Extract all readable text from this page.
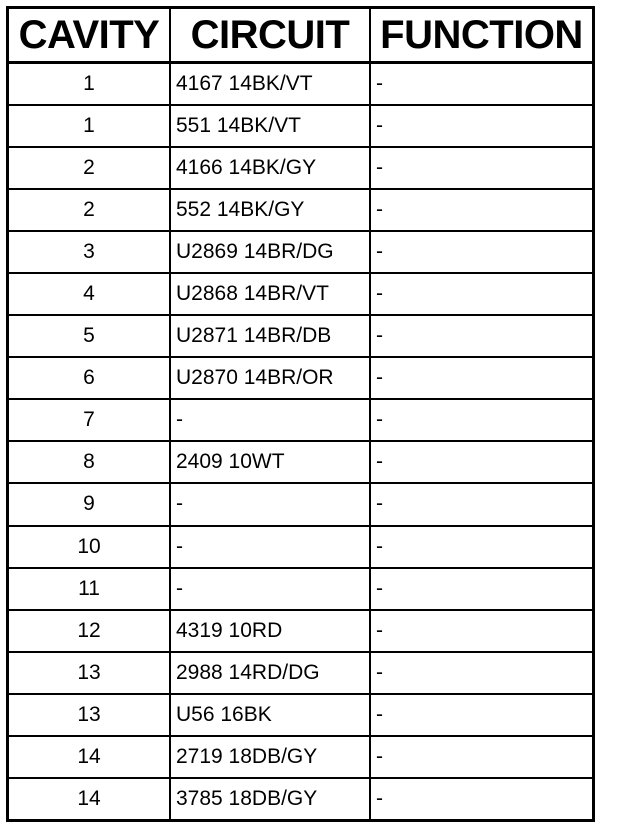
CAVITY	CIRCUIT	FUNCTION
1	4167 14BK/VT	-
1	551 14BK/VT	-
2	4166 14BK/GY	-
2	552 14BK/GY	-
3	U2869 14BR/DG	-
4	U2868 14BR/VT	-
5	U2871 14BR/DB	-
6	U2870 14BR/OR	-
7	-	-
8	2409 10WT	-
9	-	-
10	-	-
11	-	-
12	4319 10RD	-
13	2988 14RD/DG	-
13	U56 16BK	-
14	2719 18DB/GY	-
14	3785 18DB/GY	-
